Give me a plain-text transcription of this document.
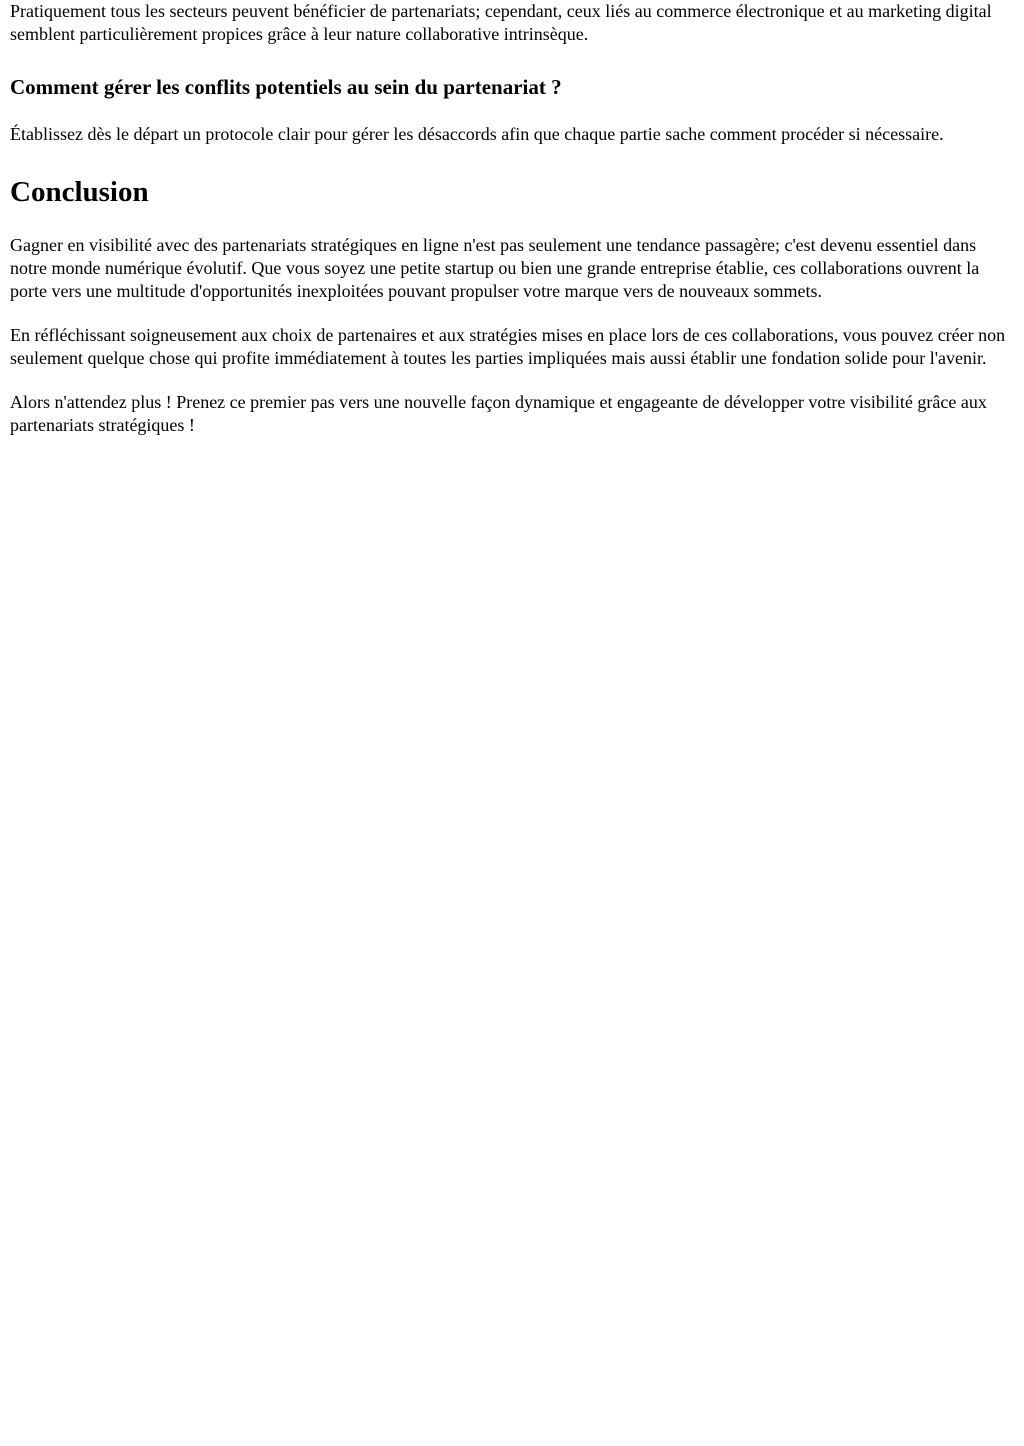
Pratiquement tous les secteurs peuvent bénéficier de partenariats; cependant, ceux liés au commerce électronique et au marketing digital semblent particulièrement propices grâce à leur nature collaborative intrinsèque.

Comment gérer les conflits potentiels au sein du partenariat ?

Établissez dès le départ un protocole clair pour gérer les désaccords afin que chaque partie sache comment procéder si nécessaire.

Conclusion

Gagner en visibilité avec des partenariats stratégiques en ligne n'est pas seulement une tendance passagère; c'est devenu essentiel dans notre monde numérique évolutif. Que vous soyez une petite startup ou bien une grande entreprise établie, ces collaborations ouvrent la porte vers une multitude d'opportunités inexploitées pouvant propulser votre marque vers de nouveaux sommets.

En réfléchissant soigneusement aux choix de partenaires et aux stratégies mises en place lors de ces collaborations, vous pouvez créer non seulement quelque chose qui profite immédiatement à toutes les parties impliquées mais aussi établir une fondation solide pour l'avenir.

Alors n'attendez plus ! Prenez ce premier pas vers une nouvelle façon dynamique et engageante de développer votre visibilité grâce aux partenariats stratégiques !
